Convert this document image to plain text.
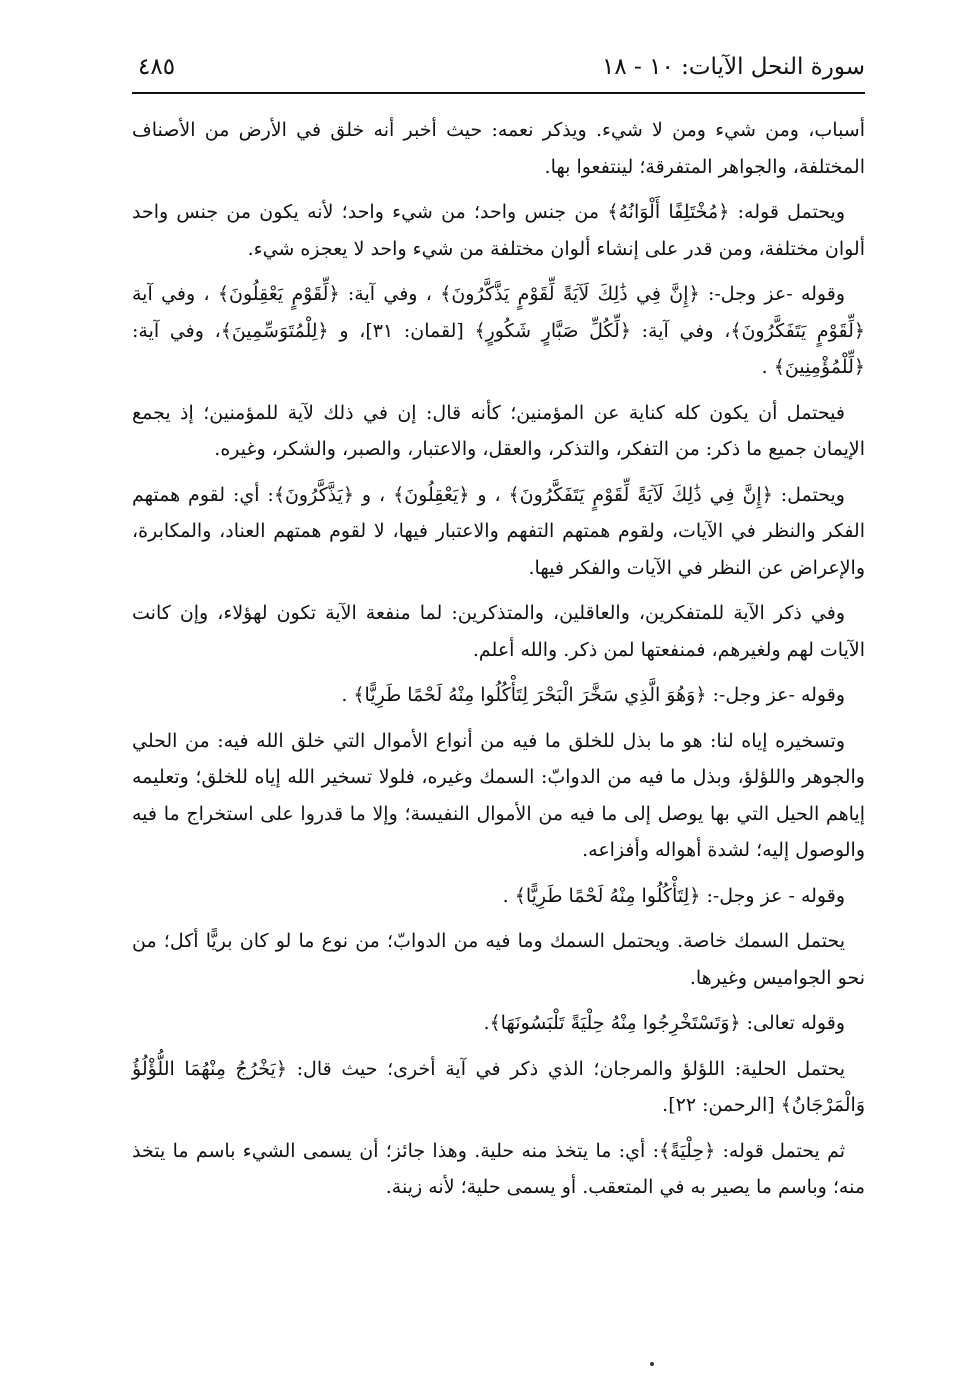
سورة النحل الآيات: ١٠ - ١٨
٤٨٥

أسباب، ومن شيء ومن لا شيء. ويذكر نعمه: حيث أخبر أنه خلق في الأرض من الأصناف المختلفة، والجواهر المتفرقة؛ لينتفعوا بها.

ويحتمل قوله: ﴿مُخْتَلِفًا أَلْوَانُهُ﴾ من جنس واحد؛ من شيء واحد؛ لأنه يكون من جنس واحد ألوان مختلفة، ومن قدر على إنشاء ألوان مختلفة من شيء واحد لا يعجزه شيء.

وقوله -عز وجل-: ﴿إِنَّ فِي ذَٰلِكَ لَآيَةً لِّقَوْمٍ يَذَّكَّرُونَ﴾ ، وفي آية: ﴿لِّقَوْمٍ يَعْقِلُونَ﴾ ، وفي آية ﴿لِّقَوْمٍ يَتَفَكَّرُونَ﴾، وفي آية: ﴿لِّكُلِّ صَبَّارٍ شَكُورٍ﴾ [لقمان: ٣١]، و ﴿لِلْمُتَوَسِّمِينَ﴾، وفي آية: ﴿لِّلْمُؤْمِنِينَ﴾ .

فيحتمل أن يكون كله كناية عن المؤمنين؛ كأنه قال: إن في ذلك لآية للمؤمنين؛ إذ يجمع الإيمان جميع ما ذكر: من التفكر، والتذكر، والعقل، والاعتبار، والصبر، والشكر، وغيره.

ويحتمل: ﴿إِنَّ فِي ذَٰلِكَ لَآيَةً لِّقَوْمٍ يَتَفَكَّرُونَ﴾ ، و ﴿يَعْقِلُونَ﴾ ، و ﴿يَذَّكَّرُونَ﴾: أي: لقوم همتهم الفكر والنظر في الآيات، ولقوم همتهم التفهم والاعتبار فيها، لا لقوم همتهم العناد، والمكابرة، والإعراض عن النظر في الآيات والفكر فيها.

وفي ذكر الآية للمتفكرين، والعاقلين، والمتذكرين: لما منفعة الآية تكون لهؤلاء، وإن كانت الآيات لهم ولغيرهم، فمنفعتها لمن ذكر. والله أعلم.

وقوله -عز وجل-: ﴿وَهُوَ الَّذِي سَخَّرَ الْبَحْرَ لِتَأْكُلُوا مِنْهُ لَحْمًا طَرِيًّا﴾ .

وتسخيره إياه لنا: هو ما بذل للخلق ما فيه من أنواع الأموال التي خلق الله فيه: من الحلي والجوهر واللؤلؤ، وبذل ما فيه من الدوابّ: السمك وغيره، فلولا تسخير الله إياه للخلق؛ وتعليمه إياهم الحيل التي بها يوصل إلى ما فيه من الأموال النفيسة؛ وإلا ما قدروا على استخراج ما فيه والوصول إليه؛ لشدة أهواله وأفزاعه.

وقوله - عز وجل-: ﴿لِتَأْكُلُوا مِنْهُ لَحْمًا طَرِيًّا﴾ .

يحتمل السمك خاصة. ويحتمل السمك وما فيه من الدوابّ؛ من نوع ما لو كان بريًّا أكل؛ من نحو الجواميس وغيرها.

وقوله تعالى: ﴿وَتَسْتَخْرِجُوا مِنْهُ حِلْيَةً تَلْبَسُونَهَا﴾.

يحتمل الحلية: اللؤلؤ والمرجان؛ الذي ذكر في آية أخرى؛ حيث قال: ﴿يَخْرُجُ مِنْهُمَا اللُّؤْلُؤُ وَالْمَرْجَانُ﴾ [الرحمن: ٢٢].

ثم يحتمل قوله: ﴿حِلْيَةً﴾: أي: ما يتخذ منه حلية. وهذا جائز؛ أن يسمى الشيء باسم ما يتخذ منه؛ وباسم ما يصير به في المتعقب. أو يسمى حلية؛ لأنه زينة.
